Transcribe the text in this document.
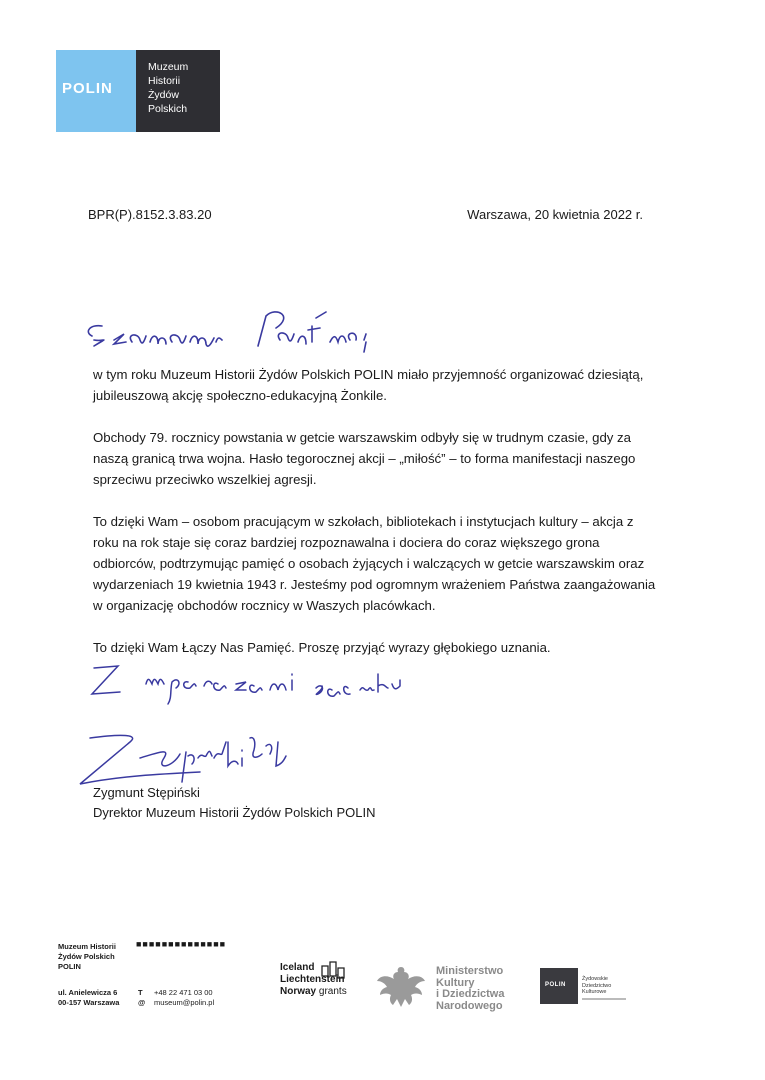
POLIN
Muzeum
Historii
Żydów
Polskich
BPR(P).8152.3.83.20	Warszawa, 20 kwietnia 2022 r.

w tym roku Muzeum Historii Żydów Polskich POLIN miało przyjemność organizować dziesiątą, jubileuszową akcję społeczno-edukacyjną Żonkile.

Obchody 79. rocznicy powstania w getcie warszawskim odbyły się w trudnym czasie, gdy za naszą granicą trwa wojna. Hasło tegorocznej akcji – „miłość” – to forma manifestacji naszego sprzeciwu przeciwko wszelkiej agresji.

To dzięki Wam – osobom pracującym w szkołach, bibliotekach i instytucjach kultury – akcja z roku na rok staje się coraz bardziej rozpoznawalna i dociera do coraz większego grona odbiorców, podtrzymując pamięć o osobach żyjących i walczących w getcie warszawskim oraz wydarzeniach 19 kwietnia 1943 r. Jesteśmy pod ogromnym wrażeniem Państwa zaangażowania w organizację obchodów rocznicy w Waszych placówkach.

To dzięki Wam Łączy Nas Pamięć. Proszę przyjąć wyrazy głębokiego uznania.

Zygmunt Stępiński
Dyrektor Muzeum Historii Żydów Polskich POLIN
Muzeum Historii
Żydów Polskich
POLIN
■■■■■■■■■■■■■■
ul. Anielewicza 6
00-157 Warszawa
T +48 22 471 03 00
@ museum@polin.pl
Iceland
Liechtenstein
Norway grants
Ministerstwo
Kultury
i Dziedzictwa
Narodowego
POLIN
Żydowskie
Dziedzictwo
Kulturowe
